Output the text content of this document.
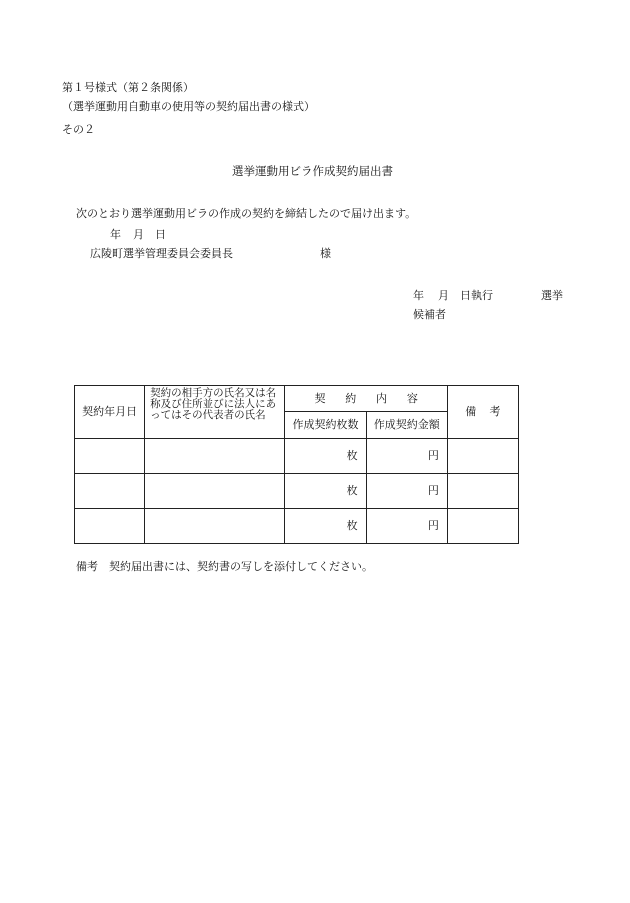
第１号様式（第２条関係）
（選挙運動用自動車の使用等の契約届出書の様式）
その２
選挙運動用ビラ作成契約届出書
次のとおり選挙運動用ビラの作成の契約を締結したので届け出ます。
年 月 日
広陵町選挙管理委員会委員長	様
年 月 日執行	選挙
候補者
契約年月日	契約の相手方の氏名又は名称及び住所並びに法人にあってはその代表者の氏名	契約内容		備考
		作成契約枚数	作成契約金額	
		枚	円	
		枚	円	
		枚	円	
備考　契約届出書には、契約書の写しを添付してください。
